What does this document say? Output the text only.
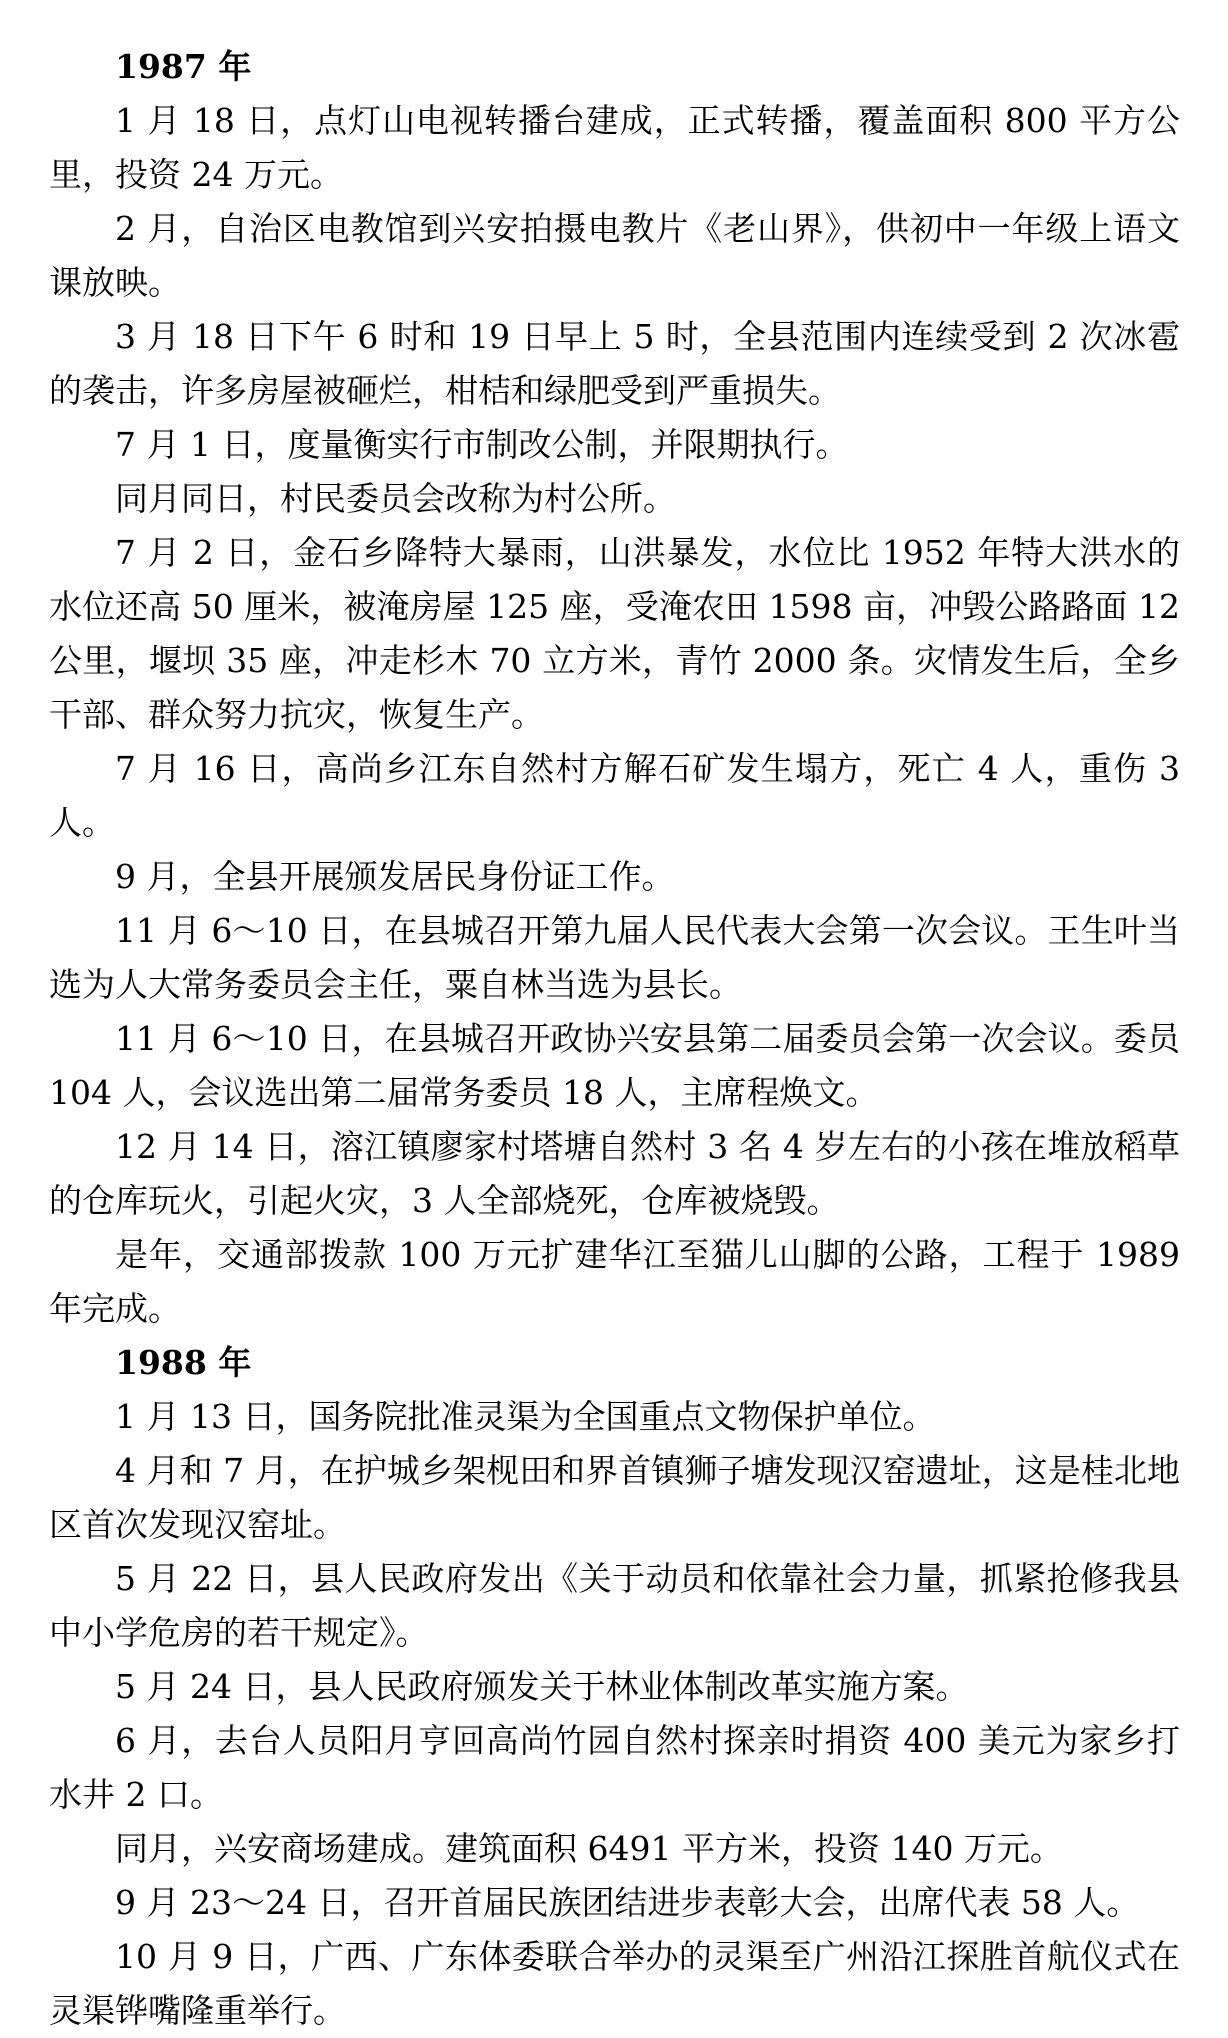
1987 年

1 月 18 日，点灯山电视转播台建成，正式转播，覆盖面积 800 平方公里，投资 24 万元。

2 月，自治区电教馆到兴安拍摄电教片《老山界》，供初中一年级上语文课放映。

3 月 18 日下午 6 时和 19 日早上 5 时，全县范围内连续受到 2 次冰雹的袭击，许多房屋被砸烂，柑桔和绿肥受到严重损失。

7 月 1 日，度量衡实行市制改公制，并限期执行。

同月同日，村民委员会改称为村公所。

7 月 2 日，金石乡降特大暴雨，山洪暴发，水位比 1952 年特大洪水的水位还高 50 厘米，被淹房屋 125 座，受淹农田 1598 亩，冲毁公路路面 12 公里，堰坝 35 座，冲走杉木 70 立方米，青竹 2000 条。灾情发生后，全乡干部、群众努力抗灾，恢复生产。

7 月 16 日，高尚乡江东自然村方解石矿发生塌方，死亡 4 人，重伤 3 人。

9 月，全县开展颁发居民身份证工作。

11 月 6～10 日，在县城召开第九届人民代表大会第一次会议。王生叶当选为人大常务委员会主任，粟自林当选为县长。

11 月 6～10 日，在县城召开政协兴安县第二届委员会第一次会议。委员 104 人，会议选出第二届常务委员 18 人，主席程焕文。

12 月 14 日，溶江镇廖家村塔塘自然村 3 名 4 岁左右的小孩在堆放稻草的仓库玩火，引起火灾，3 人全部烧死，仓库被烧毁。

是年，交通部拨款 100 万元扩建华江至猫儿山脚的公路，工程于 1989 年完成。

1988 年

1 月 13 日，国务院批准灵渠为全国重点文物保护单位。

4 月和 7 月，在护城乡架枧田和界首镇狮子塘发现汉窑遗址，这是桂北地区首次发现汉窑址。

5 月 22 日，县人民政府发出《关于动员和依靠社会力量，抓紧抢修我县中小学危房的若干规定》。

5 月 24 日，县人民政府颁发关于林业体制改革实施方案。

6 月，去台人员阳月亨回高尚竹园自然村探亲时捐资 400 美元为家乡打水井 2 口。

同月，兴安商场建成。建筑面积 6491 平方米，投资 140 万元。

9 月 23～24 日，召开首届民族团结进步表彰大会，出席代表 58 人。

10 月 9 日，广西、广东体委联合举办的灵渠至广州沿江探胜首航仪式在灵渠铧嘴隆重举行。
